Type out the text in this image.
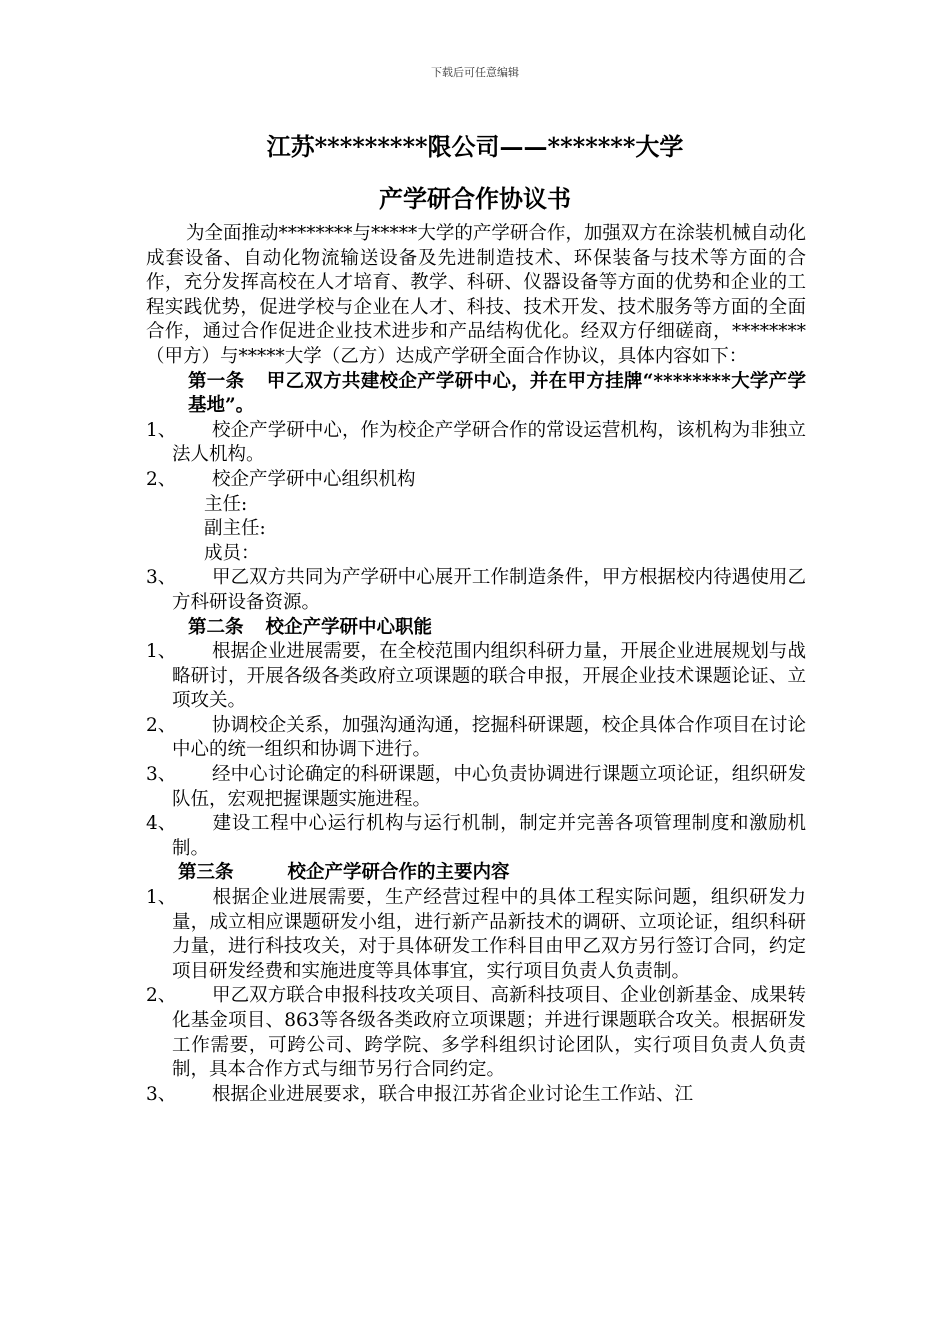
下载后可任意编辑
江苏*********限公司——*******大学
产学研合作协议书

为全面推动********与*****大学的产学研合作，加强双方在涂装机械自动化成套设备、自动化物流输送设备及先进制造技术、环保装备与技术等方面的合作，充分发挥高校在人才培育、教学、科研、仪器设备等方面的优势和企业的工程实践优势，促进学校与企业在人才、科技、技术开发、技术服务等方面的全面合作，通过合作促进企业技术进步和产品结构优化。经双方仔细磋商，********（甲方）与*****大学（乙方）达成产学研全面合作协议，具体内容如下：

第一条 甲乙双方共建校企产学研中心，并在甲方挂牌“********大学产学基地”。

1、 校企产学研中心，作为校企产学研合作的常设运营机构，该机构为非独立法人机构。

2、 校企产学研中心组织机构

主任:

副主任:

成员：

3、 甲乙双方共同为产学研中心展开工作制造条件，甲方根据校内待遇使用乙方科研设备资源。

第二条 校企产学研中心职能

1、 根据企业进展需要，在全校范围内组织科研力量，开展企业进展规划与战略研讨，开展各级各类政府立项课题的联合申报，开展企业技术课题论证、立项攻关。

2、 协调校企关系，加强沟通沟通，挖掘科研课题，校企具体合作项目在讨论中心的统一组织和协调下进行。

3、 经中心讨论确定的科研课题，中心负责协调进行课题立项论证，组织研发队伍，宏观把握课题实施进程。

4、 建设工程中心运行机构与运行机制，制定并完善各项管理制度和激励机制。

第三条	校企产学研合作的主要内容

1、 根据企业进展需要，生产经营过程中的具体工程实际问题，组织研发力量，成立相应课题研发小组，进行新产品新技术的调研、立项论证，组织科研力量，进行科技攻关，对于具体研发工作科目由甲乙双方另行签订合同，约定项目研发经费和实施进度等具体事宜，实行项目负责人负责制。

2、 甲乙双方联合申报科技攻关项目、高新科技项目、企业创新基金、成果转化基金项目、863等各级各类政府立项课题；并进行课题联合攻关。根据研发工作需要，可跨公司、跨学院、多学科组织讨论团队，实行项目负责人负责制，具本合作方式与细节另行合同约定。

3、 根据企业进展要求，联合申报江苏省企业讨论生工作站、江
